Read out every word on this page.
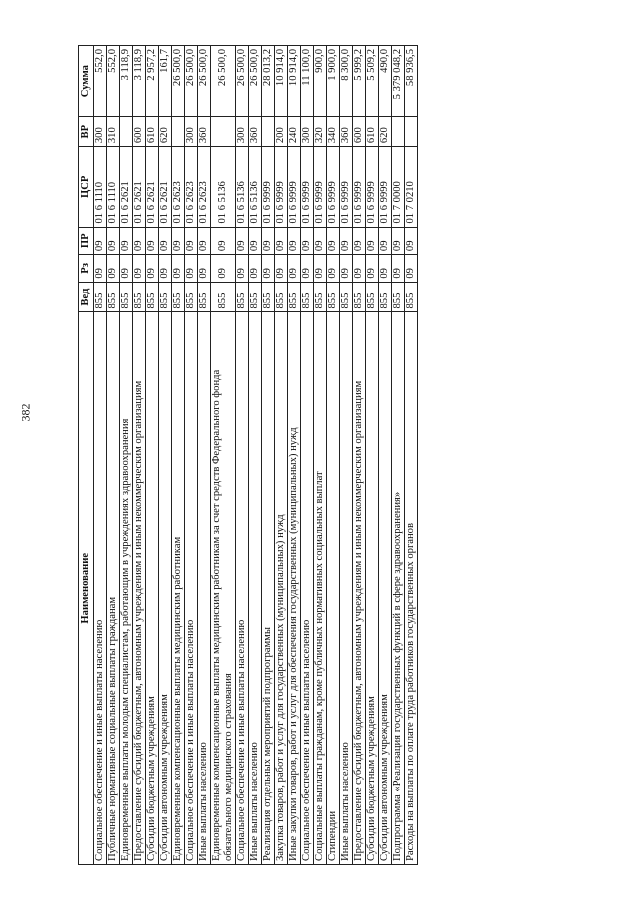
382
Наименование	Вед	Рз	ПР	ЦСР	ВР	Сумма
Социальное обеспечение и иные выплаты населению	855	09	09	01 6 1110	300	552,0
Публичные нормативные социальные выплаты гражданам	855	09	09	01 6 1110	310	552,0
Единовременные выплаты молодым специалистам, работающим в учреждениях здравоохранения	855	09	09	01 6 2621		3 118,9
Предоставление субсидий бюджетным, автономным учреждениям и иным некоммерческим организациям	855	09	09	01 6 2621	600	3 118,9
Субсидии бюджетным учреждениям	855	09	09	01 6 2621	610	2 957,2
Субсидии автономным учреждениям	855	09	09	01 6 2621	620	161,7
Единовременные компенсационные выплаты медицинским работникам	855	09	09	01 6 2623		26 500,0
Социальное обеспечение и иные выплаты населению	855	09	09	01 6 2623	300	26 500,0
Иные выплаты населению	855	09	09	01 6 2623	360	26 500,0
Единовременные компенсационные выплаты медицинским работникам за счет средств Федерального фонда обязательного медицинского страхования	855	09	09	01 6 5136		26 500,0
Социальное обеспечение и иные выплаты населению	855	09	09	01 6 5136	300	26 500,0
Иные выплаты населению	855	09	09	01 6 5136	360	26 500,0
Реализация отдельных мероприятий подпрограммы	855	09	09	01 6 9999		28 013,2
Закупка товаров, работ и услуг для государственных (муниципальных) нужд	855	09	09	01 6 9999	200	10 914,0
Иные закупки товаров, работ и услуг для обеспечения государственных (муниципальных) нужд	855	09	09	01 6 9999	240	10 914,0
Социальное обеспечение и иные выплаты населению	855	09	09	01 6 9999	300	11 100,0
Социальные выплаты гражданам, кроме публичных нормативных социальных выплат	855	09	09	01 6 9999	320	900,0
Стипендии	855	09	09	01 6 9999	340	1 900,0
Иные выплаты населению	855	09	09	01 6 9999	360	8 300,0
Предоставление субсидий бюджетным, автономным учреждениям и иным некоммерческим организациям	855	09	09	01 6 9999	600	5 999,2
Субсидии бюджетным учреждениям	855	09	09	01 6 9999	610	5 509,2
Субсидии автономным учреждениям	855	09	09	01 6 9999	620	490,0
Подпрограмма «Реализация государственных функций в сфере здравоохранения»	855	09	09	01 7 0000		5 379 048,2
Расходы на выплаты по оплате труда работников государственных органов	855	09	09	01 7 0210		58 936,5
